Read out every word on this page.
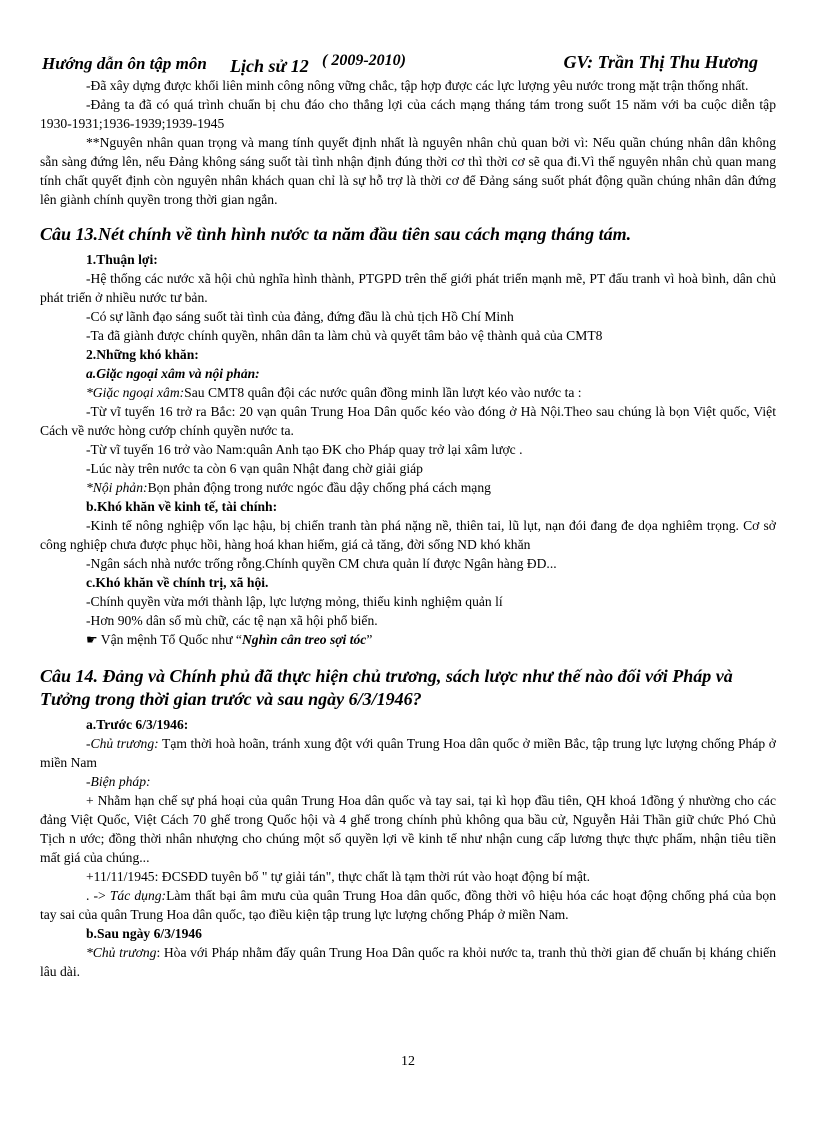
Hướng dẫn ôn tập môn Lịch sử 12 ( 2009-2010)	GV: Trần Thị Thu Hương

-Đã xây dựng được khối liên minh công nông vững chắc, tập hợp được các lực lượng yêu nước trong mặt trận thống nhất.

-Đảng ta đã có quá trình chuẩn bị chu đáo cho thắng lợi của cách mạng tháng tám trong suốt 15 năm với ba cuộc diễn tập 1930-1931;1936-1939;1939-1945

**Nguyên nhân quan trọng và mang tính quyết định nhất là nguyên nhân chủ quan bởi vì: Nếu quần chúng nhân dân không sẵn sàng đứng lên, nếu Đảng không sáng suốt tài tình nhận định đúng thời cơ thì thời cơ sẽ qua đi.Vì thế nguyên nhân chủ quan mang tính chất quyết định còn nguyên nhân khách quan chỉ là sự hỗ trợ là thời cơ để Đảng sáng suốt phát động quần chúng nhân dân đứng lên giành chính quyền trong thời gian ngắn.

Câu 13.Nét chính về tình hình nước ta năm đầu tiên sau cách mạng tháng tám.

1.Thuận lợi:

-Hệ thống các nước xã hội chủ nghĩa hình thành, PTGPD trên thế giới phát triển mạnh mẽ, PT đấu tranh vì hoà bình, dân chủ phát triển ở nhiều nước tư bản.

-Có sự lãnh đạo sáng suốt tài tình của đảng, đứng đầu là chủ tịch Hồ Chí Minh

-Ta đã giành được chính quyền, nhân dân ta làm chủ và quyết tâm bảo vệ thành quả của CMT8

2.Những khó khăn:

a.Giặc ngoại xâm và nội phản:

*Giặc ngoại xâm:Sau CMT8 quân đội các nước quân đồng minh lần lượt kéo vào nước ta :

-Từ vĩ tuyến 16 trở ra Bắc: 20 vạn quân Trung Hoa Dân quốc kéo vào đóng ở Hà Nội.Theo sau chúng là bọn Việt quốc, Việt Cách về nước hòng cướp chính quyền nước ta.

-Từ vĩ tuyến 16 trở vào Nam:quân Anh tạo ĐK cho Pháp quay trở lại xâm lược .

-Lúc này trên nước ta còn 6 vạn quân Nhật đang chờ giải giáp

*Nội phản:Bọn phản động trong nước ngóc đầu dậy chống phá cách mạng

b.Khó khăn về kinh tế, tài chính:

-Kinh tế nông nghiệp vốn lạc hậu, bị chiến tranh tàn phá nặng nề, thiên tai, lũ lụt, nạn đói đang đe dọa nghiêm trọng. Cơ sở công nghiệp chưa được phục hồi, hàng hoá khan hiếm, giá cả tăng, đời sống ND khó khăn

-Ngân sách nhà nước trống rỗng.Chính quyền CM chưa quản lí được Ngân hàng ĐD...

c.Khó khăn về chính trị, xã hội.

-Chính quyền vừa mới thành lập, lực lượng mỏng, thiếu kinh nghiệm quản lí

-Hơn 90% dân số mù chữ, các tệ nạn xã hội phổ biến.

☛ Vận mệnh Tổ Quốc như “Nghìn cân treo sợi tóc”

Câu 14. Đảng và Chính phủ đã thực hiện chủ trương, sách lược như thế nào đối với Pháp và Tưởng trong thời gian trước và sau ngày 6/3/1946?

a.Trước 6/3/1946:

-Chủ trương: Tạm thời hoà hoãn, tránh xung đột với quân Trung Hoa dân quốc ở miền Bắc, tập trung lực lượng chống Pháp ở miền Nam

-Biện pháp:

+ Nhằm hạn chế sự phá hoại của quân Trung Hoa dân quốc và tay sai, tại kì họp đầu tiên, QH khoá 1đồng ý nhường cho các đảng Việt Quốc, Việt Cách 70 ghế trong Quốc hội và 4 ghế trong chính phủ không qua bầu cử, Nguyễn Hải Thần giữ chức Phó Chủ Tịch n ước; đồng thời nhân nhượng cho chúng một số quyền lợi về kinh tế như nhận cung cấp lương thực thực phẩm, nhận tiêu tiền mất giá của chúng...

+11/11/1945: ĐCSĐD tuyên bố " tự giải tán", thực chất là tạm thời rút vào hoạt động bí mật.

. -> Tác dụng:Làm thất bại âm mưu của quân Trung Hoa dân quốc, đồng thời vô hiệu hóa các hoạt động chống phá của bọn tay sai của quân Trung Hoa dân quốc, tạo điều kiện tập trung lực lượng chống Pháp ở miền Nam.

b.Sau ngày 6/3/1946

*Chủ trương: Hòa với Pháp nhằm đẩy quân Trung Hoa Dân quốc ra khỏi nước ta, tranh thủ thời gian để chuẩn bị kháng chiến lâu dài.

12
